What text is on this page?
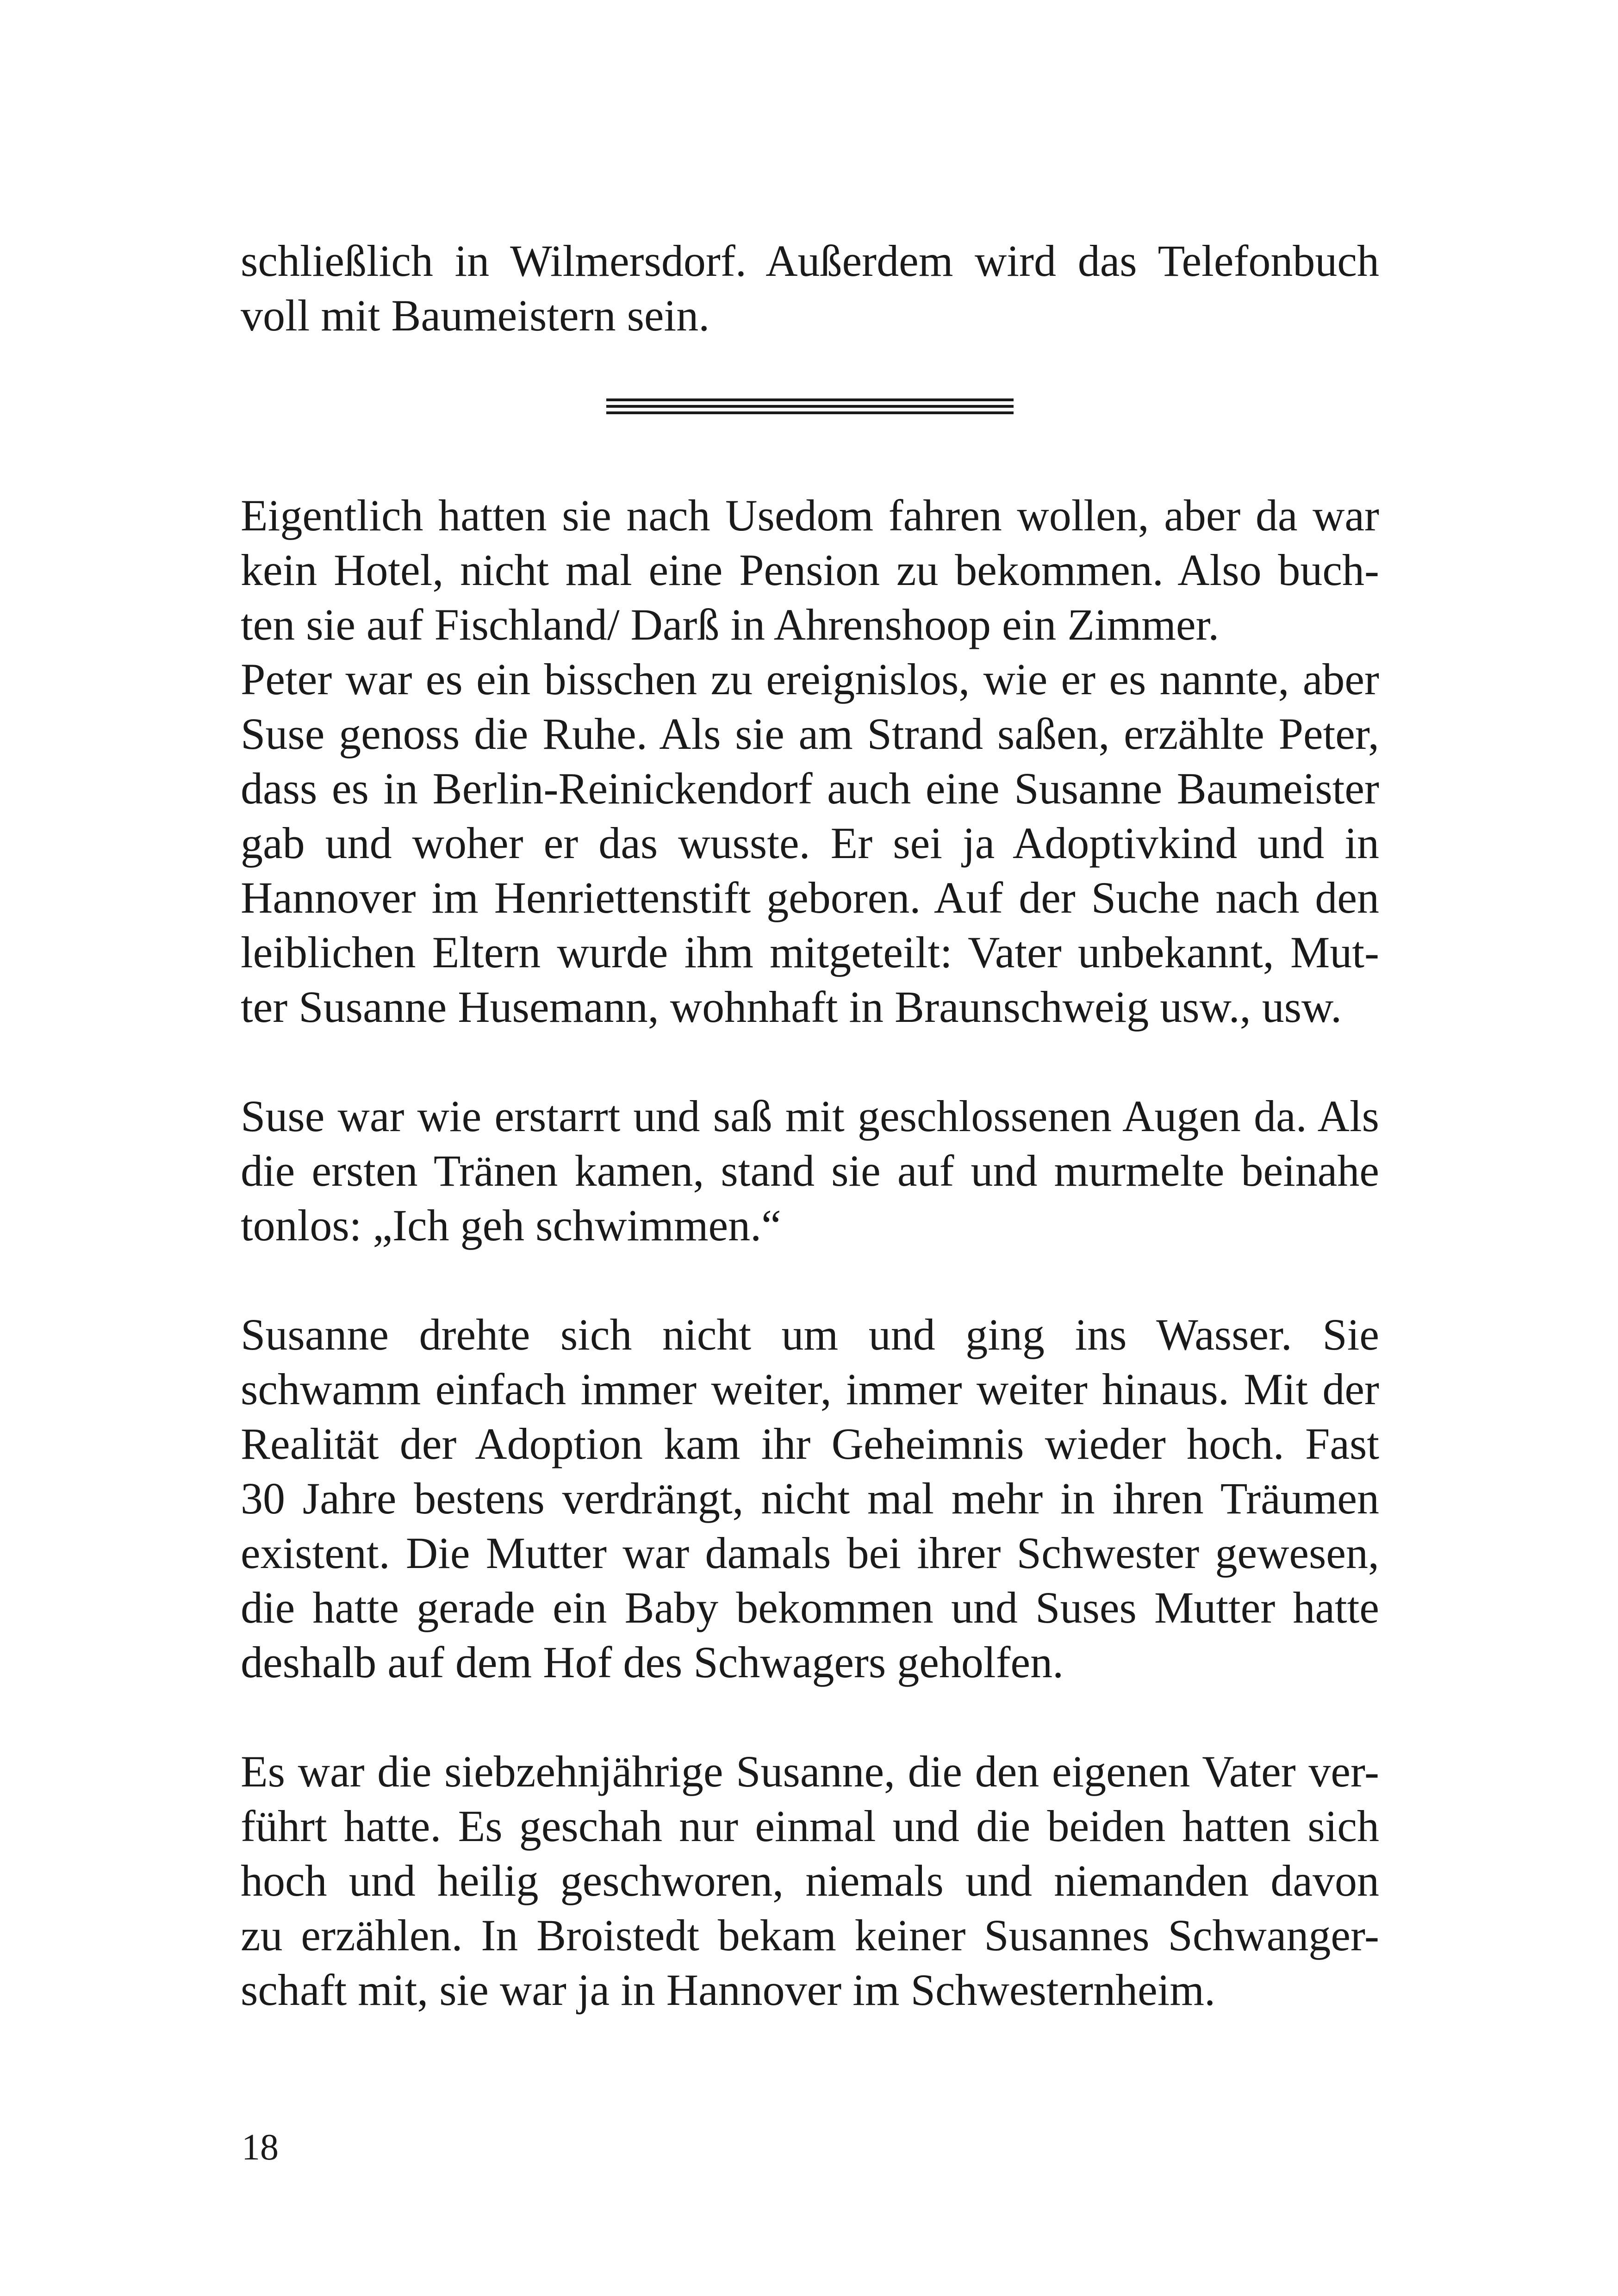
schließlich in Wilmersdorf. Außerdem wird das Telefonbuch
voll mit Baumeistern sein.

Eigentlich hatten sie nach Usedom fahren wollen, aber da war
kein Hotel, nicht mal eine Pension zu bekommen. Also buch-
ten sie auf Fischland/ Darß in Ahrenshoop ein Zimmer.
Peter war es ein bisschen zu ereignislos, wie er es nannte, aber
Suse genoss die Ruhe. Als sie am Strand saßen, erzählte Peter,
dass es in Berlin-Reinickendorf auch eine Susanne Baumeister
gab und woher er das wusste. Er sei ja Adoptivkind und in
Hannover im Henriettenstift geboren. Auf der Suche nach den
leiblichen Eltern wurde ihm mitgeteilt: Vater unbekannt, Mut-
ter Susanne Husemann, wohnhaft in Braunschweig usw., usw.

Suse war wie erstarrt und saß mit geschlossenen Augen da. Als
die ersten Tränen kamen, stand sie auf und murmelte beinahe
tonlos: „Ich geh schwimmen.“

Susanne drehte sich nicht um und ging ins Wasser. Sie
schwamm einfach immer weiter, immer weiter hinaus. Mit der
Realität der Adoption kam ihr Geheimnis wieder hoch. Fast
30 Jahre bestens verdrängt, nicht mal mehr in ihren Träumen
existent. Die Mutter war damals bei ihrer Schwester gewesen,
die hatte gerade ein Baby bekommen und Suses Mutter hatte
deshalb auf dem Hof des Schwagers geholfen.

Es war die siebzehnjährige Susanne, die den eigenen Vater ver-
führt hatte. Es geschah nur einmal und die beiden hatten sich
hoch und heilig geschworen, niemals und niemanden davon
zu erzählen. In Broistedt bekam keiner Susannes Schwanger-
schaft mit, sie war ja in Hannover im Schwesternheim.

18
